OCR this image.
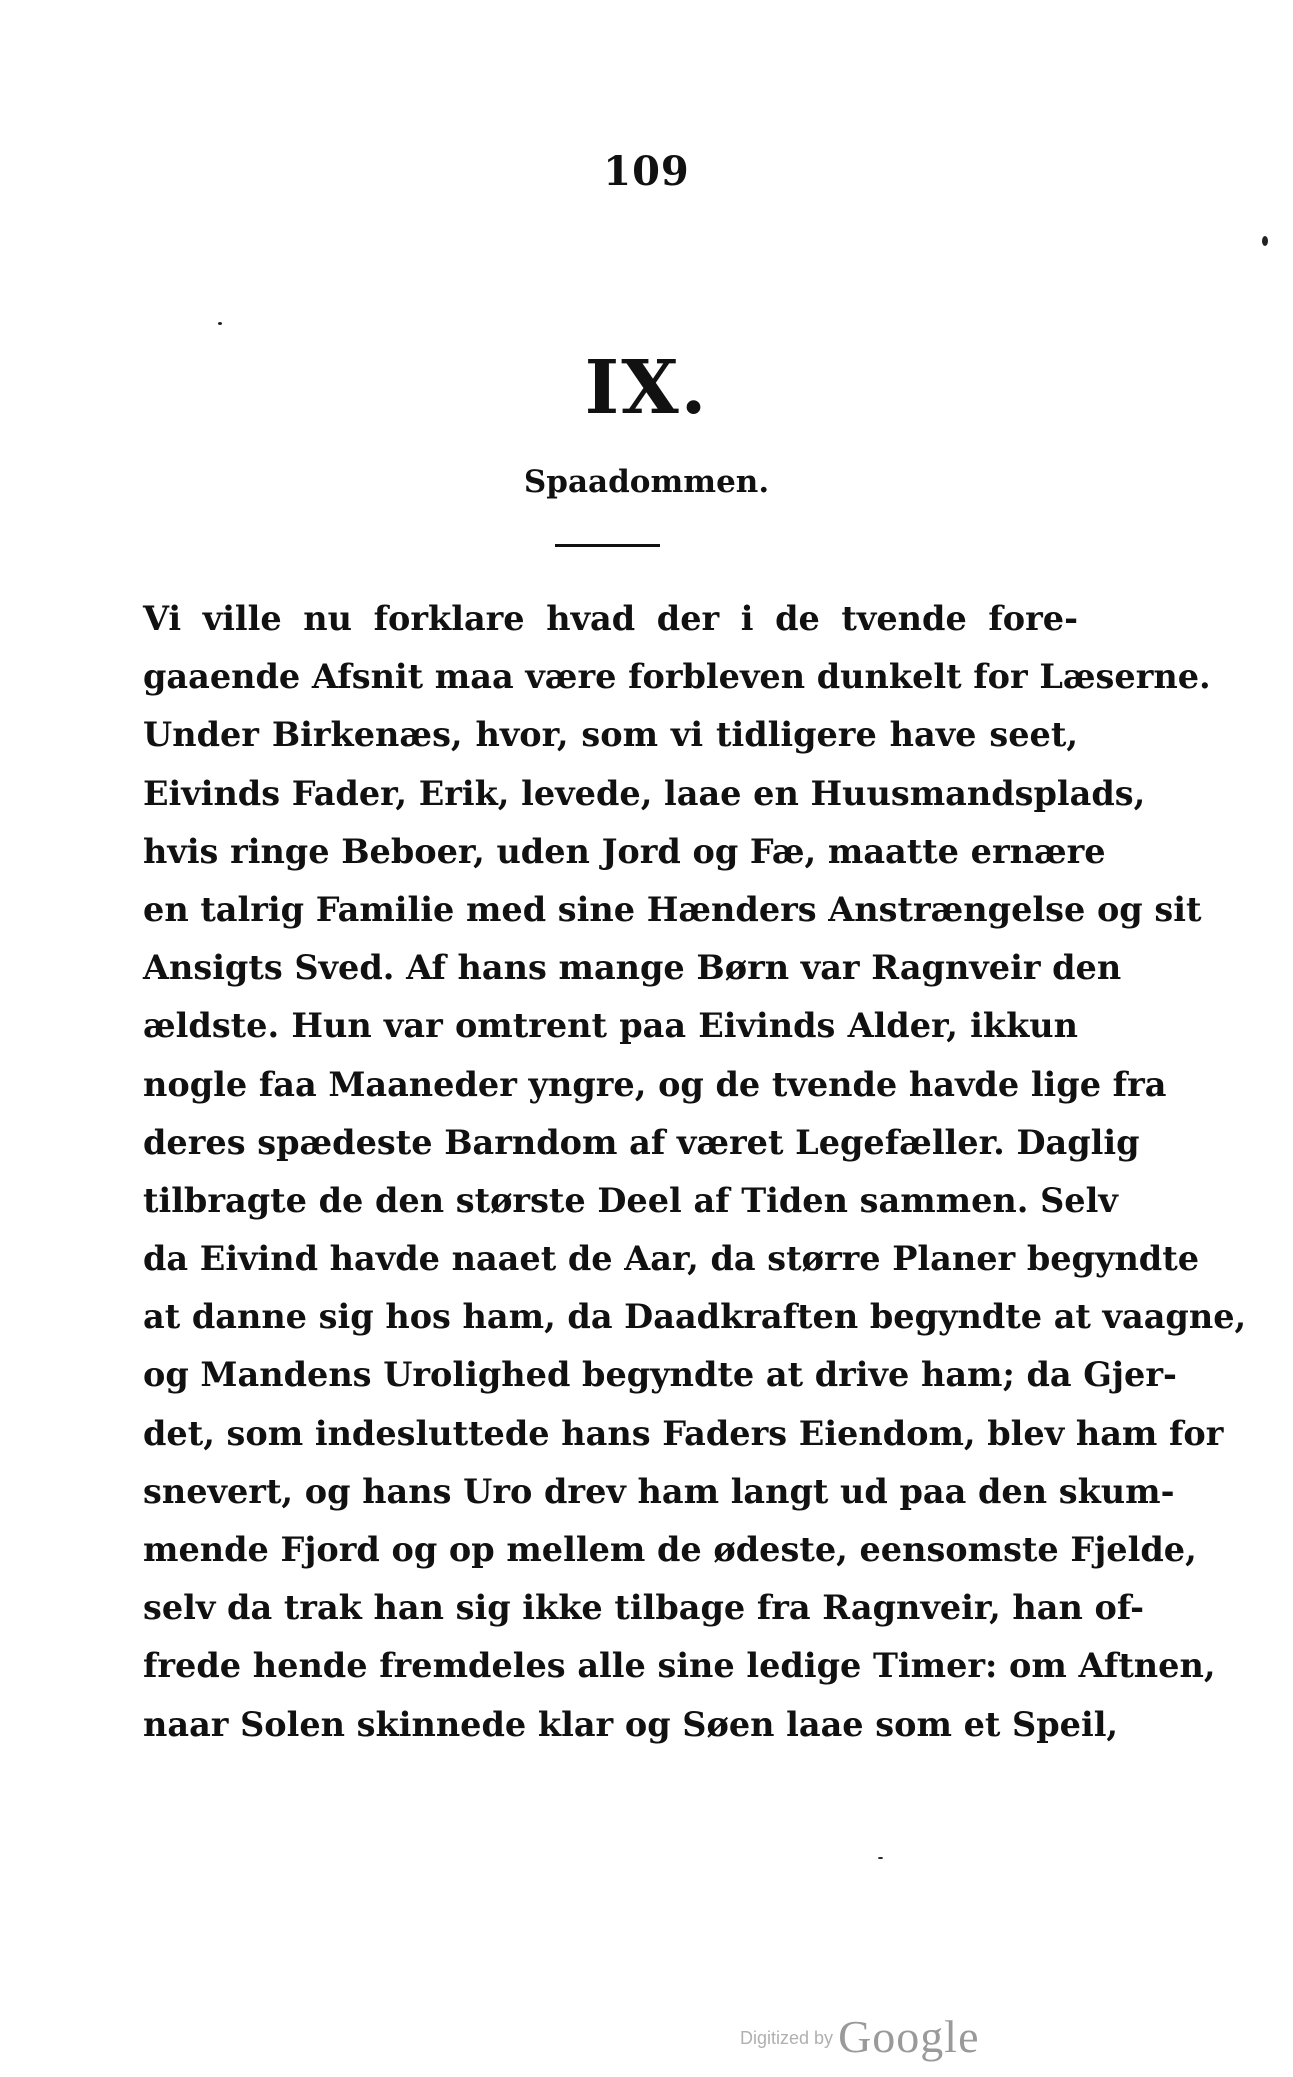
109
IX.
Spaadommen.
Vi ville nu forklare hvad der i de tvende fore-
gaaende Afsnit maa være forbleven dunkelt for Læserne.
Under Birkenæs, hvor, som vi tidligere have seet,
Eivinds Fader, Erik, levede, laae en Huusmandsplads,
hvis ringe Beboer, uden Jord og Fæ, maatte ernære
en talrig Familie med sine Hænders Anstrængelse og sit
Ansigts Sved. Af hans mange Børn var Ragnveir den
ældste. Hun var omtrent paa Eivinds Alder, ikkun
nogle faa Maaneder yngre, og de tvende havde lige fra
deres spædeste Barndom af været Legefæller. Daglig
tilbragte de den største Deel af Tiden sammen. Selv
da Eivind havde naaet de Aar, da større Planer begyndte
at danne sig hos ham, da Daadkraften begyndte at vaagne,
og Mandens Urolighed begyndte at drive ham; da Gjer-
det, som indesluttede hans Faders Eiendom, blev ham for
snevert, og hans Uro drev ham langt ud paa den skum-
mende Fjord og op mellem de ødeste, eensomste Fjelde,
selv da trak han sig ikke tilbage fra Ragnveir, han of-
frede hende fremdeles alle sine ledige Timer: om Aftnen,
naar Solen skinnede klar og Søen laae som et Speil,
Digitized by Google
